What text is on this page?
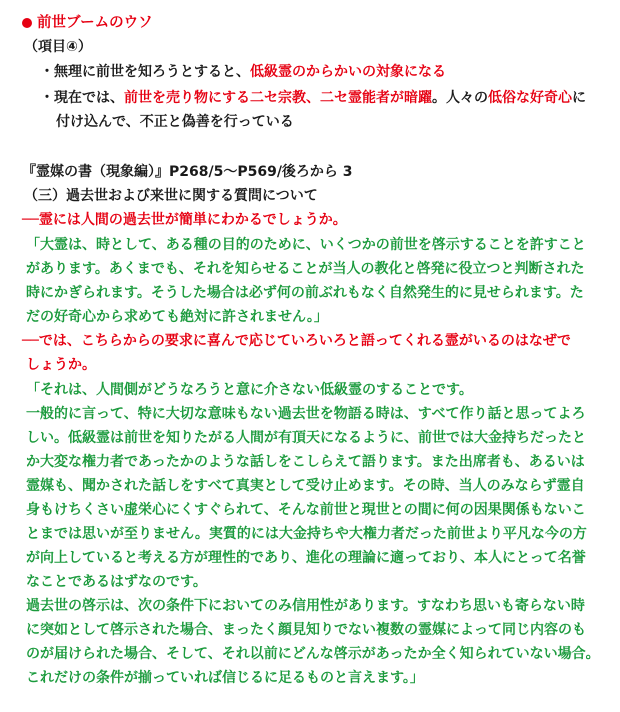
前世ブームのウソ
（項目④）
・無理に前世を知ろうとすると、低級霊のからかいの対象になる
・現在では、前世を売り物にする二セ宗教、二セ霊能者が暗躍。人々の低俗な好奇心に
付け込んで、不正と偽善を行っている
『霊媒の書（現象編）』P268/5～P569/後ろから 3
（三）過去世および来世に関する質問について
──霊には人間の過去世が簡単にわかるでしょうか。
「大霊は、時として、ある種の目的のために、いくつかの前世を啓示することを許すこと
があります。あくまでも、それを知らせることが当人の教化と啓発に役立つと判断された
時にかぎられます。そうした場合は必ず何の前ぶれもなく自然発生的に見せられます。た
だの好奇心から求めても絶対に許されません。」
──では、こちらからの要求に喜んで応じていろいろと語ってくれる霊がいるのはなぜで
しょうか。
「それは、人間側がどうなろうと意に介さない低級霊のすることです。
一般的に言って、特に大切な意味もない過去世を物語る時は、すべて作り話と思ってよろ
しい。低級霊は前世を知りたがる人間が有頂天になるように、前世では大金持ちだったと
か大変な権力者であったかのような話しをこしらえて語ります。また出席者も、あるいは
霊媒も、聞かされた話しをすべて真実として受け止めます。その時、当人のみならず霊自
身もけちくさい虚栄心にくすぐられて、そんな前世と現世との間に何の因果関係もないこ
とまでは思いが至りません。実質的には大金持ちや大権力者だった前世より平凡な今の方
が向上していると考える方が理性的であり、進化の理論に適っており、本人にとって名誉
なことであるはずなのです。
過去世の啓示は、次の条件下においてのみ信用性があります。すなわち思いも寄らない時
に突如として啓示された場合、まったく顔見知りでない複数の霊媒によって同じ内容のも
のが届けられた場合、そして、それ以前にどんな啓示があったか全く知られていない場合。
これだけの条件が揃っていれば信じるに足るものと言えます。」
